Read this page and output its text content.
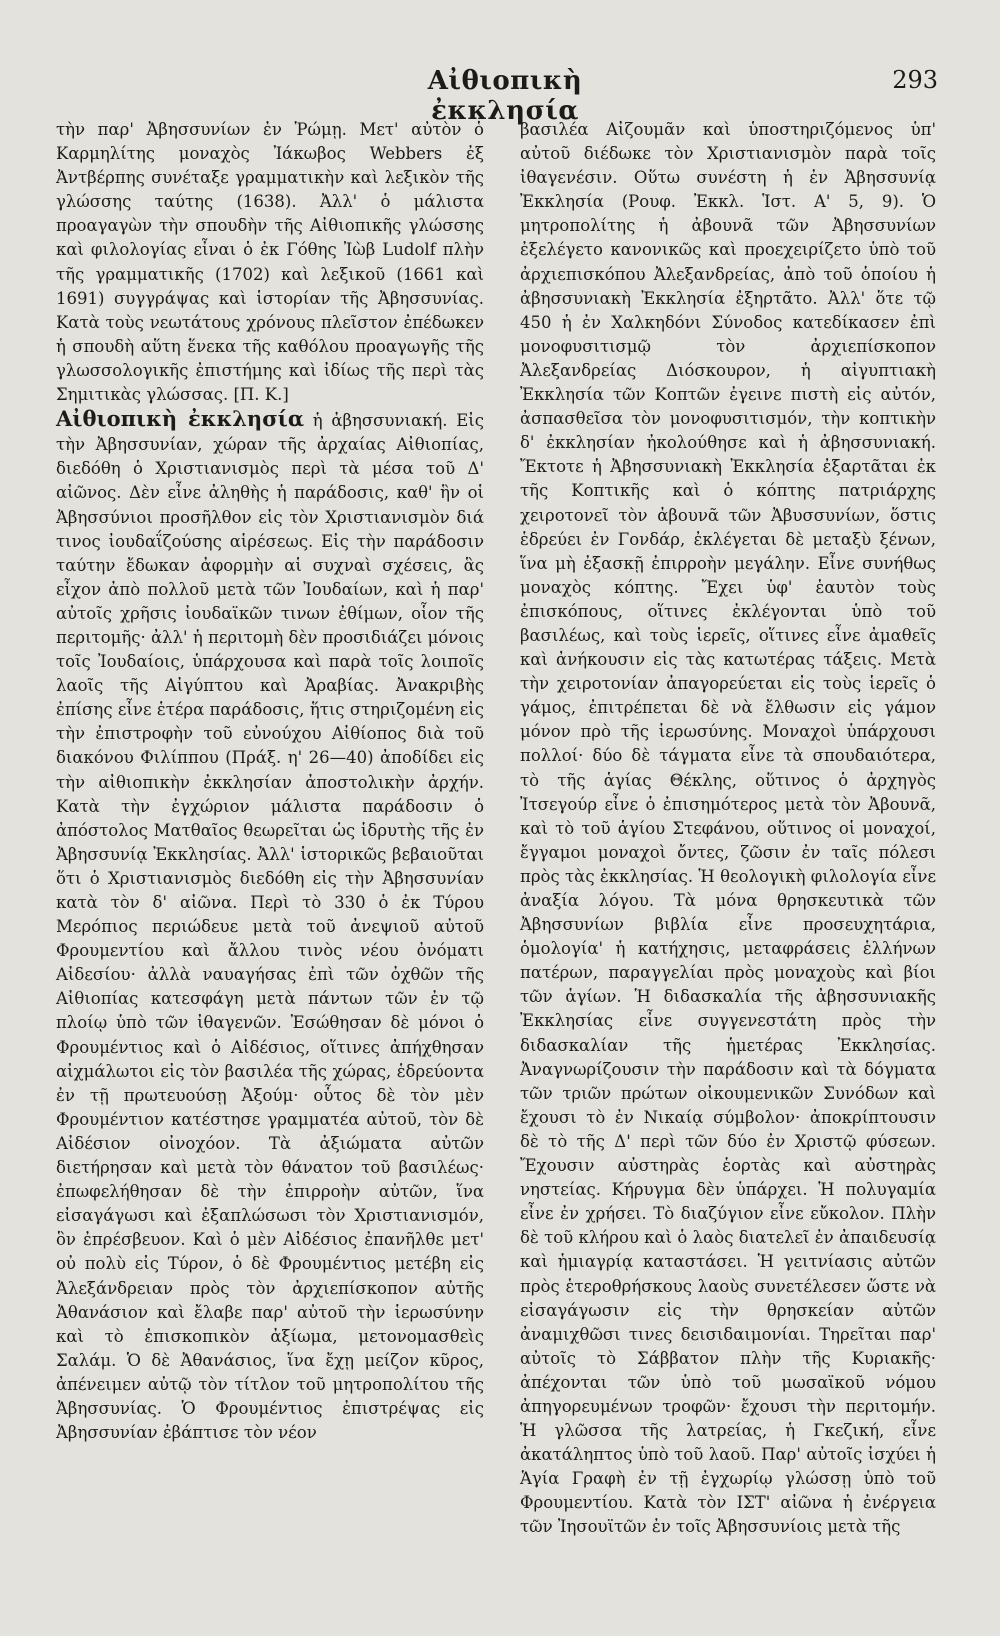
Αἰθιοπικὴ ἐκκλησία
293

τὴν παρ' Ἀβησσυνίων ἐν Ῥώμῃ. Μετ' αὐτὸν ὁ Καρμηλίτης μοναχὸς Ἰάκωβος Webbers ἐξ Ἀντβέρπης συνέταξε γραμματικὴν καὶ λεξικὸν τῆς γλώσσης ταύτης (1638). Ἀλλ' ὁ μάλιστα προαγαγὼν τὴν σπουδὴν τῆς Αἰθιοπικῆς γλώσσης καὶ φιλολογίας εἶναι ὁ ἐκ Γόθης Ἰὼβ Ludolf πλὴν τῆς γραμματικῆς (1702) καὶ λεξικοῦ (1661 καὶ 1691) συγγράψας καὶ ἱστορίαν τῆς Ἀβησσυνίας. Κατὰ τοὺς νεωτάτους χρόνους πλεῖστον ἐπέδωκεν ἡ σπουδὴ αὕτη ἕνεκα τῆς καθόλου προαγωγῆς τῆς γλωσσολογικῆς ἐπιστήμης καὶ ἰδίως τῆς περὶ τὰς Σημιτικὰς γλώσσας. [Π. Κ.]

Αἰθιοπικὴ ἐκκλησία ἡ ἀβησσυνιακή. Εἰς τὴν Ἀβησσυνίαν, χώραν τῆς ἀρχαίας Αἰθιοπίας, διεδόθη ὁ Χριστιανισμὸς περὶ τὰ μέσα τοῦ Δ' αἰῶνος. Δὲν εἶνε ἀληθὴς ἡ παράδοσις, καθ' ἣν οἱ Ἀβησσύνιοι προσῆλθον εἰς τὸν Χριστιανισμὸν διά τινος ἰουδαΐζούσης αἱρέσεως. Εἰς τὴν παράδοσιν ταύτην ἔδωκαν ἀφορμὴν αἱ συχναὶ σχέσεις, ἃς εἶχον ἀπὸ πολλοῦ μετὰ τῶν Ἰουδαίων, καὶ ἡ παρ' αὐτοῖς χρῆσις ἰουδαϊκῶν τινων ἐθίμων, οἷον τῆς περιτομῆς· ἀλλ' ἡ περιτομὴ δὲν προσιδιάζει μόνοις τοῖς Ἰουδαίοις, ὑπάρχουσα καὶ παρὰ τοῖς λοιποῖς λαοῖς τῆς Αἰγύπτου καὶ Ἀραβίας. Ἀνακριβὴς ἐπίσης εἶνε ἑτέρα παράδοσις, ἥτις στηριζομένη εἰς τὴν ἐπιστροφὴν τοῦ εὐνούχου Αἰθίοπος διὰ τοῦ διακόνου Φιλίππου (Πράξ. η' 26—40) ἀποδίδει εἰς τὴν αἰθιοπικὴν ἐκκλησίαν ἀποστολικὴν ἀρχήν. Κατὰ τὴν ἐγχώριον μάλιστα παράδοσιν ὁ ἀπόστολος Ματθαῖος θεωρεῖται ὡς ἱδρυτὴς τῆς ἐν Ἀβησσυνίᾳ Ἐκκλησίας. Ἀλλ' ἱστορικῶς βεβαιοῦται ὅτι ὁ Χριστιανισμὸς διεδόθη εἰς τὴν Ἀβησσυνίαν κατὰ τὸν δ' αἰῶνα. Περὶ τὸ 330 ὁ ἐκ Τύρου Μερόπιος περιώδευε μετὰ τοῦ ἀνεψιοῦ αὐτοῦ Φρουμεντίου καὶ ἄλλου τινὸς νέου ὀνόματι Αἰδεσίου· ἀλλὰ ναυαγήσας ἐπὶ τῶν ὀχθῶν τῆς Αἰθιοπίας κατεσφάγη μετὰ πάντων τῶν ἐν τῷ πλοίῳ ὑπὸ τῶν ἰθαγενῶν. Ἐσώθησαν δὲ μόνοι ὁ Φρουμέντιος καὶ ὁ Αἰδέσιος, οἵτινες ἀπήχθησαν αἰχμάλωτοι εἰς τὸν βασιλέα τῆς χώρας, ἑδρεύοντα ἐν τῇ πρωτευούσῃ Ἀξούμ· οὗτος δὲ τὸν μὲν Φρουμέντιον κατέστησε γραμματέα αὐτοῦ, τὸν δὲ Αἰδέσιον οἰνοχόον. Τὰ ἀξιώματα αὐτῶν διετήρησαν καὶ μετὰ τὸν θάνατον τοῦ βασιλέως· ἐπωφελήθησαν δὲ τὴν ἐπιρροὴν αὐτῶν, ἵνα εἰσαγάγωσι καὶ ἐξαπλώσωσι τὸν Χριστιανισμόν, ὃν ἐπρέσβευον. Καὶ ὁ μὲν Αἰδέσιος ἐπανῆλθε μετ' οὐ πολὺ εἰς Τύρον, ὁ δὲ Φρουμέντιος μετέβη εἰς Ἀλεξάνδρειαν πρὸς τὸν ἀρχιεπίσκοπον αὐτῆς Ἀθανάσιον καὶ ἔλαβε παρ' αὐτοῦ τὴν ἱερωσύνην καὶ τὸ ἐπισκοπικὸν ἀξίωμα, μετονομασθεὶς Σαλάμ. Ὁ δὲ Ἀθανάσιος, ἵνα ἔχῃ μείζον κῦρος, ἀπένειμεν αὐτῷ τὸν τίτλον τοῦ μητροπολίτου τῆς Ἀβησσυνίας. Ὁ Φρουμέντιος ἐπιστρέψας εἰς Ἀβησσυνίαν ἐβάπτισε τὸν νέον

βασιλέα Αἰζουμᾶν καὶ ὑποστηριζόμενος ὑπ' αὐτοῦ διέδωκε τὸν Χριστιανισμὸν παρὰ τοῖς ἰθαγενέσιν. Οὕτω συνέστη ἡ ἐν Ἀβησσυνίᾳ Ἐκκλησία (Ρουφ. Ἐκκλ. Ἱστ. Α' 5, 9). Ὁ μητροπολίτης ἡ ἀβουνᾶ τῶν Ἀβησσυνίων ἐξελέγετο κανονικῶς καὶ προεχειρίζετο ὑπὸ τοῦ ἀρχιεπισκόπου Ἀλεξανδρείας, ἀπὸ τοῦ ὁποίου ἡ ἀβησσυνιακὴ Ἐκκλησία ἐξηρτᾶτο. Ἀλλ' ὅτε τῷ 450 ἡ ἐν Χαλκηδόνι Σύνοδος κατεδίκασεν ἐπὶ μονοφυσιτισμῷ τὸν ἀρχιεπίσκοπον Ἀλεξανδρείας Διόσκουρον, ἡ αἰγυπτιακὴ Ἐκκλησία τῶν Κοπτῶν ἐγεινε πιστὴ εἰς αὐτόν, ἀσπασθεῖσα τὸν μονοφυσιτισμόν, τὴν κοπτικὴν δ' ἐκκλησίαν ἠκολούθησε καὶ ἡ ἀβησσυνιακή. Ἔκτοτε ἡ Ἀβησσυνιακὴ Ἐκκλησία ἐξαρτᾶται ἐκ τῆς Κοπτικῆς καὶ ὁ κόπτης πατριάρχης χειροτονεῖ τὸν ἀβουνᾶ τῶν Ἀβυσσυνίων, ὅστις ἑδρεύει ἐν Γονδάρ, ἐκλέγεται δὲ μεταξὺ ξένων, ἵνα μὴ ἐξασκῇ ἐπιρροὴν μεγάλην. Εἶνε συνήθως μοναχὸς κόπτης. Ἔχει ὑφ' ἑαυτὸν τοὺς ἐπισκόπους, οἵτινες ἐκλέγονται ὑπὸ τοῦ βασιλέως, καὶ τοὺς ἱερεῖς, οἵτινες εἶνε ἀμαθεῖς καὶ ἀνήκουσιν εἰς τὰς κατωτέρας τάξεις. Μετὰ τὴν χειροτονίαν ἀπαγορεύεται εἰς τοὺς ἱερεῖς ὁ γάμος, ἐπιτρέπεται δὲ νὰ ἔλθωσιν εἰς γάμον μόνον πρὸ τῆς ἱερωσύνης. Μοναχοὶ ὑπάρχουσι πολλοί· δύο δὲ τάγματα εἶνε τὰ σπουδαιότερα, τὸ τῆς ἁγίας Θέκλης, οὕτινος ὁ ἀρχηγὸς Ἰτσεγούρ εἶνε ὁ ἐπισημότερος μετὰ τὸν Ἀβουνᾶ, καὶ τὸ τοῦ ἁγίου Στεφάνου, οὕτινος οἱ μοναχοί, ἔγγαμοι μοναχοὶ ὄντες, ζῶσιν ἐν ταῖς πόλεσι πρὸς τὰς ἐκκλησίας. Ἡ θεολογικὴ φιλολογία εἶνε ἀναξία λόγου. Τὰ μόνα θρησκευτικὰ τῶν Ἀβησσυνίων βιβλία εἶνε προσευχητάρια, ὁμολογία' ἡ κατήχησις, μεταφράσεις ἑλλήνων πατέρων, παραγγελίαι πρὸς μοναχοὺς καὶ βίοι τῶν ἁγίων. Ἡ διδασκαλία τῆς ἀβησσυνιακῆς Ἐκκλησίας εἶνε συγγενεστάτη πρὸς τὴν διδασκαλίαν τῆς ἡμετέρας Ἐκκλησίας. Ἀναγνωρίζουσιν τὴν παράδοσιν καὶ τὰ δόγματα τῶν τριῶν πρώτων οἰκουμενικῶν Συνόδων καὶ ἔχουσι τὸ ἐν Νικαίᾳ σύμβολον· ἀποκρίπτουσιν δὲ τὸ τῆς Δ' περὶ τῶν δύο ἐν Χριστῷ φύσεων. Ἔχουσιν αὐστηρὰς ἑορτὰς καὶ αὐστηρὰς νηστείας. Κήρυγμα δὲν ὑπάρχει. Ἡ πολυγαμία εἶνε ἐν χρήσει. Τὸ διαζύγιον εἶνε εὔκολον. Πλὴν δὲ τοῦ κλήρου καὶ ὁ λαὸς διατελεῖ ἐν ἀπαιδευσίᾳ καὶ ἡμιαγρίᾳ καταστάσει. Ἡ γειτνίασις αὐτῶν πρὸς ἑτεροθρήσκους λαοὺς συνετέλεσεν ὥστε νὰ εἰσαγάγωσιν εἰς τὴν θρησκείαν αὐτῶν ἀναμιχθῶσι τινες δεισιδαιμονίαι. Τηρεῖται παρ' αὐτοῖς τὸ Σάββατον πλὴν τῆς Κυριακῆς· ἀπέχονται τῶν ὑπὸ τοῦ μωσαϊκοῦ νόμου ἀπηγορευμένων τροφῶν· ἔχουσι τὴν περιτομήν. Ἡ γλῶσσα τῆς λατρείας, ἡ Γκεζική, εἶνε ἀκατάληπτος ὑπὸ τοῦ λαοῦ. Παρ' αὐτοῖς ἰσχύει ἡ Ἁγία Γραφὴ ἐν τῇ ἐγχωρίῳ γλώσσῃ ὑπὸ τοῦ Φρουμεντίου. Κατὰ τὸν ΙΣΤ' αἰῶνα ἡ ἐνέργεια τῶν Ἰησουϊτῶν ἐν τοῖς Ἀβησσυνίοις μετὰ τῆς
